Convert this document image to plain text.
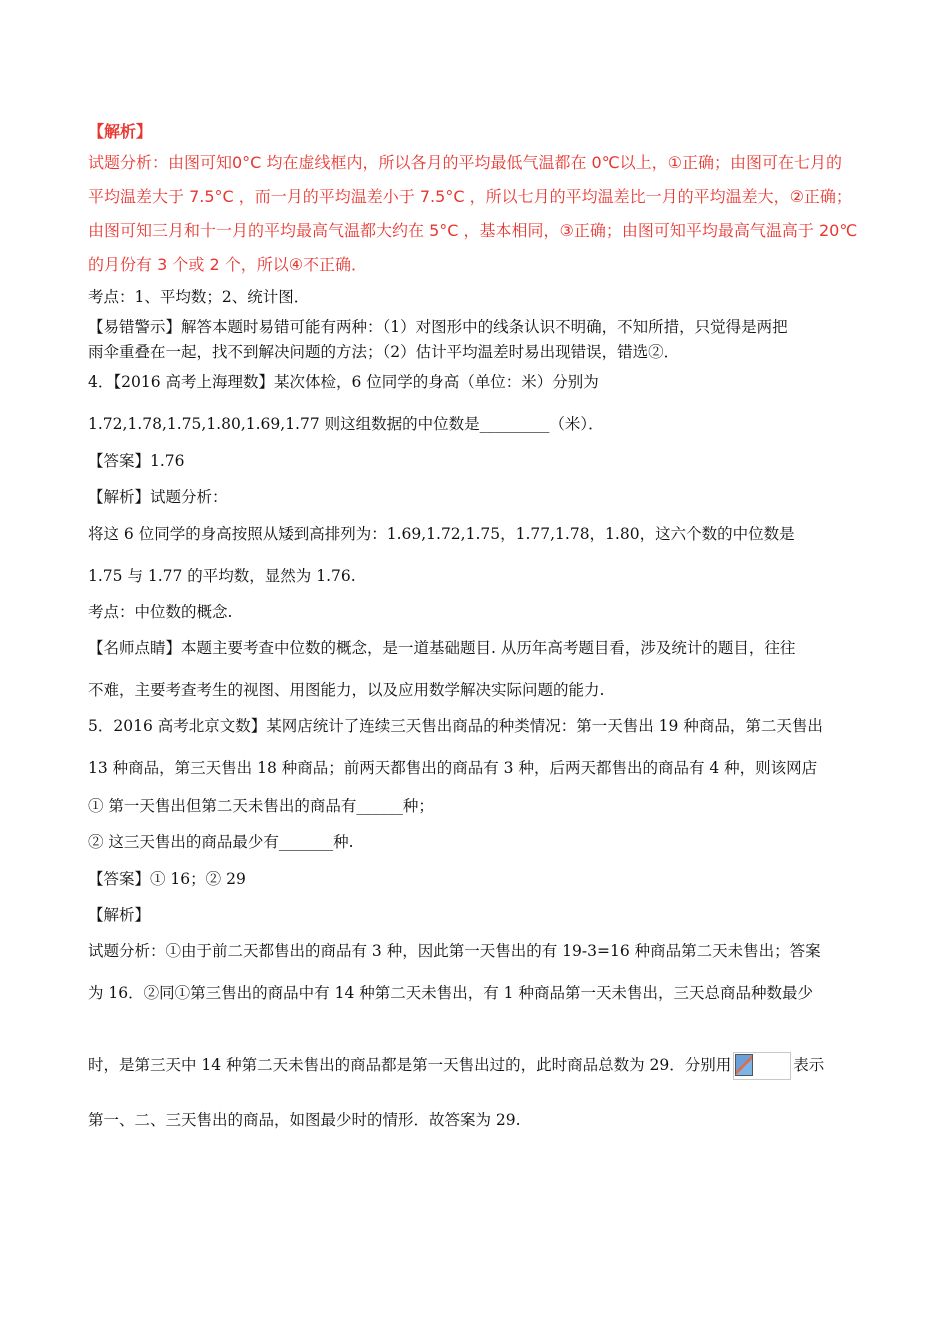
【解析】
试题分析：由图可知0°C 均在虚线框内，所以各月的平均最低气温都在 0℃以上，①正确；由图可在七月的
平均温差大于 7.5°C ，而一月的平均温差小于 7.5°C ，所以七月的平均温差比一月的平均温差大，②正确；
由图可知三月和十一月的平均最高气温都大约在 5°C ，基本相同，③正确；由图可知平均最高气温高于 20℃
的月份有 3 个或 2 个，所以④不正确．
考点：1、平均数；2、统计图．
【易错警示】解答本题时易错可能有两种：（1）对图形中的线条认识不明确，不知所措，只觉得是两把
雨伞重叠在一起，找不到解决问题的方法；（2）估计平均温差时易出现错误，错选②．
4．【2016 高考上海理数】某次体检，6 位同学的身高（单位：米）分别为
1.72,1.78,1.75,1.80,1.69,1.77 则这组数据的中位数是_________（米）．
【答案】1.76
【解析】试题分析：
将这 6 位同学的身高按照从矮到高排列为：1.69,1.72,1.75，1.77,1.78，1.80，这六个数的中位数是
1.75 与 1.77 的平均数，显然为 1.76.
考点：中位数的概念.
【名师点睛】本题主要考查中位数的概念，是一道基础题目. 从历年高考题目看，涉及统计的题目，往往
不难，主要考查考生的视图、用图能力，以及应用数学解决实际问题的能力.
5．2016 高考北京文数】某网店统计了连续三天售出商品的种类情况：第一天售出 19 种商品，第二天售出
13 种商品，第三天售出 18 种商品；前两天都售出的商品有 3 种，后两天都售出的商品有 4 种，则该网店
① 第一天售出但第二天未售出的商品有______种；
② 这三天售出的商品最少有_______种.
【答案】① 16；② 29
【解析】
试题分析：①由于前二天都售出的商品有 3 种，因此第一天售出的有 19-3=16 种商品第二天未售出；答案
为 16．②同①第三售出的商品中有 14 种第二天未售出，有 1 种商品第一天未售出，三天总商品种数最少
时，是第三天中 14 种第二天未售出的商品都是第一天售出过的，此时商品总数为 29．分别用	表示
第一、二、三天售出的商品，如图最少时的情形．故答案为 29.
